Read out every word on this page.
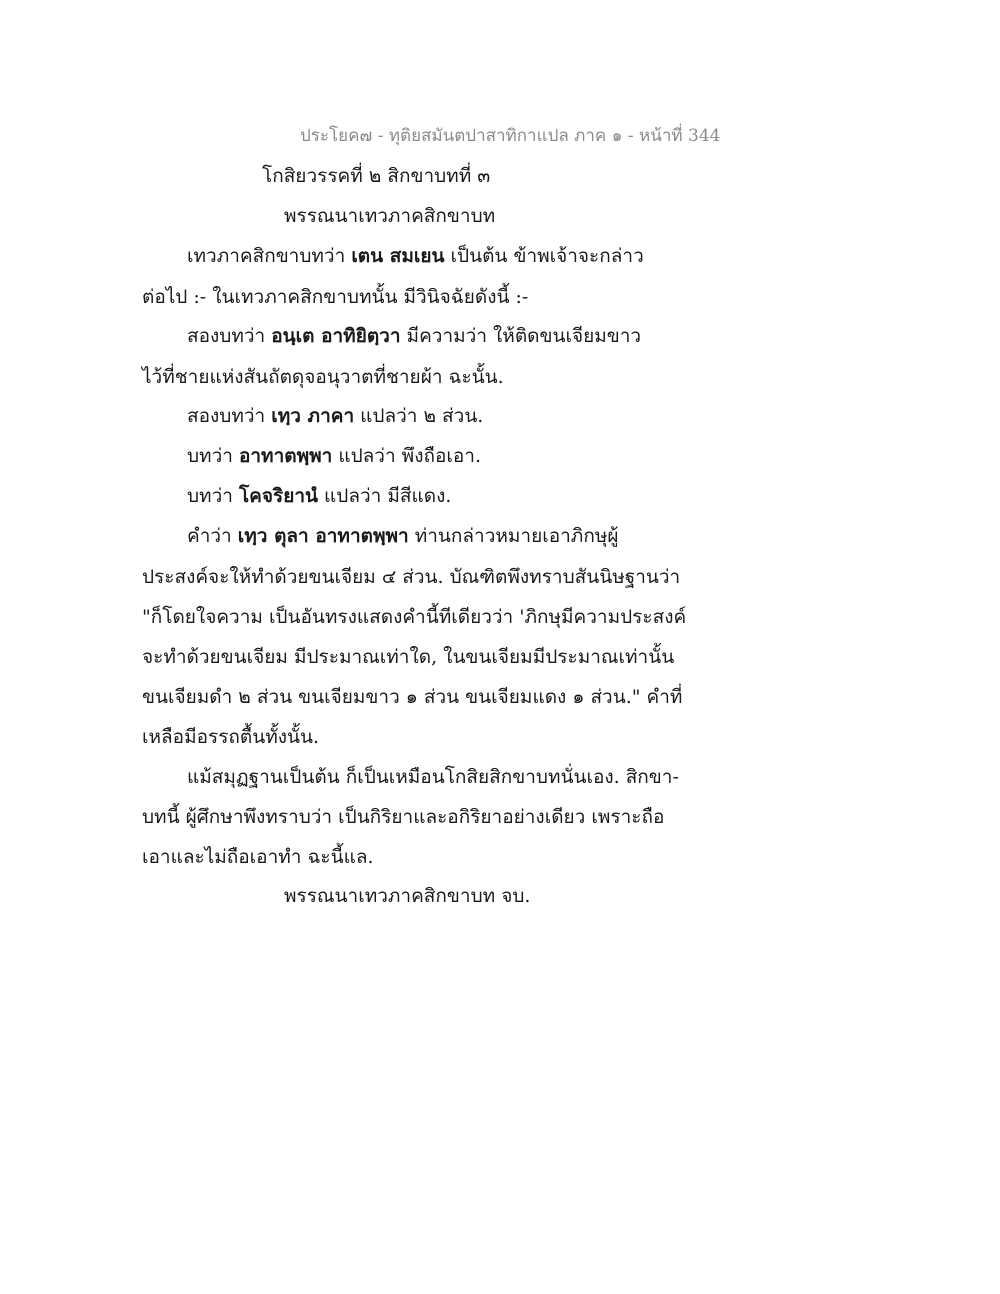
ประโยค๗ - ทุติยสมันตปาสาทิกาแปล ภาค ๑ - หน้าที่ 344
โกสิยวรรคที่ ๒ สิกขาบทที่ ๓
พรรณนาเทวภาคสิกขาบท
เทวภาคสิกขาบทว่า เตน สมเยน เป็นต้น ข้าพเจ้าจะกล่าว
ต่อไป :- ในเทวภาคสิกขาบทนั้น มีวินิจฉัยดังนี้ :-
สองบทว่า อนฺเต อาทิยิตฺวา มีความว่า ให้ติดขนเจียมขาว
ไว้ที่ชายแห่งสันถัตดุจอนุวาตที่ชายผ้า ฉะนั้น.
สองบทว่า เทฺว ภาคา แปลว่า ๒ ส่วน.
บทว่า อาทาตพฺพา แปลว่า พึงถือเอา.
บทว่า โคจริยานํ แปลว่า มีสีแดง.
คำว่า เทฺว ตุลา อาทาตพฺพา ท่านกล่าวหมายเอาภิกษุผู้
ประสงค์จะให้ทำด้วยขนเจียม ๔ ส่วน. บัณฑิตพึงทราบสันนิษฐานว่า
"ก็โดยใจความ เป็นอันทรงแสดงคำนี้ทีเดียวว่า 'ภิกษุมีความประสงค์
จะทำด้วยขนเจียม มีประมาณเท่าใด, ในขนเจียมมีประมาณเท่านั้น
ขนเจียมดำ ๒ ส่วน ขนเจียมขาว ๑ ส่วน ขนเจียมแดง ๑ ส่วน." คำที่
เหลือมีอรรถตื้นทั้งนั้น.
แม้สมุฏฐานเป็นต้น ก็เป็นเหมือนโกสิยสิกขาบทนั่นเอง. สิกขา-
บทนี้ ผู้ศึกษาพึงทราบว่า เป็นกิริยาและอกิริยาอย่างเดียว เพราะถือ
เอาและไม่ถือเอาทำ ฉะนี้แล.
พรรณนาเทวภาคสิกขาบท จบ.
